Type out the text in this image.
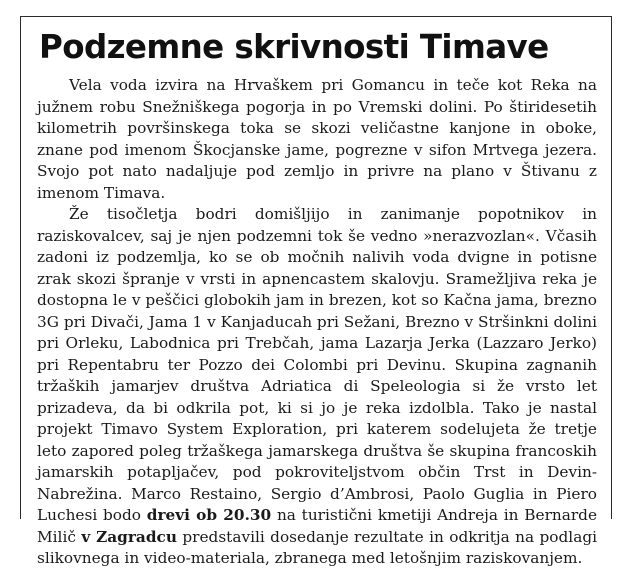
Podzemne skrivnosti Timave

Vela voda izvira na Hrvaškem pri Gomancu in teče kot Reka na južnem robu Snežniškega pogorja in po Vremski dolini. Po štiridesetih kilometrih površinskega toka se skozi veličastne kanjone in oboke, znane pod imenom Škocjanske jame, pogrezne v sifon Mrtvega jezera. Svojo pot nato nadaljuje pod zemljo in privre na plano v Štivanu z imenom Timava.

Že tisočletja bodri domišljijo in zanimanje popotnikov in raziskovalcev, saj je njen podzemni tok še vedno »nerazvozlan«. Včasih zadoni iz podzemlja, ko se ob močnih nalivih voda dvigne in potisne zrak skozi špranje v vrsti in apnencastem skalovju. Sramežljiva reka je dostopna le v peščici globokih jam in brezen, kot so Kačna jama, brezno 3G pri Divači, Jama 1 v Kanjaducah pri Sežani, Brezno v Stršinkni dolini pri Orleku, Labodnica pri Trebčah, jama Lazarja Jerka (Lazzaro Jerko) pri Repentabru ter Pozzo dei Colombi pri Devinu. Skupina zagnanih tržaških jamarjev društva Adriatica di Speleologia si že vrsto let prizadeva, da bi odkrila pot, ki si jo je reka izdolbla. Tako je nastal projekt Timavo System Exploration, pri katerem sodelujeta že tretje leto zapored poleg tržaškega jamarskega društva še skupina francoskih jamarskih potapljačev, pod pokroviteljstvom občin Trst in Devin-Nabrežina. Marco Restaino, Sergio d’Ambrosi, Paolo Guglia in Piero Luchesi bodo drevi ob 20.30 na turistični kmetiji Andreja in Bernarde Milič v Zagradcu predstavili dosedanje rezultate in odkritja na podlagi slikovnega in video-materiala, zbranega med letošnjim raziskovanjem.
